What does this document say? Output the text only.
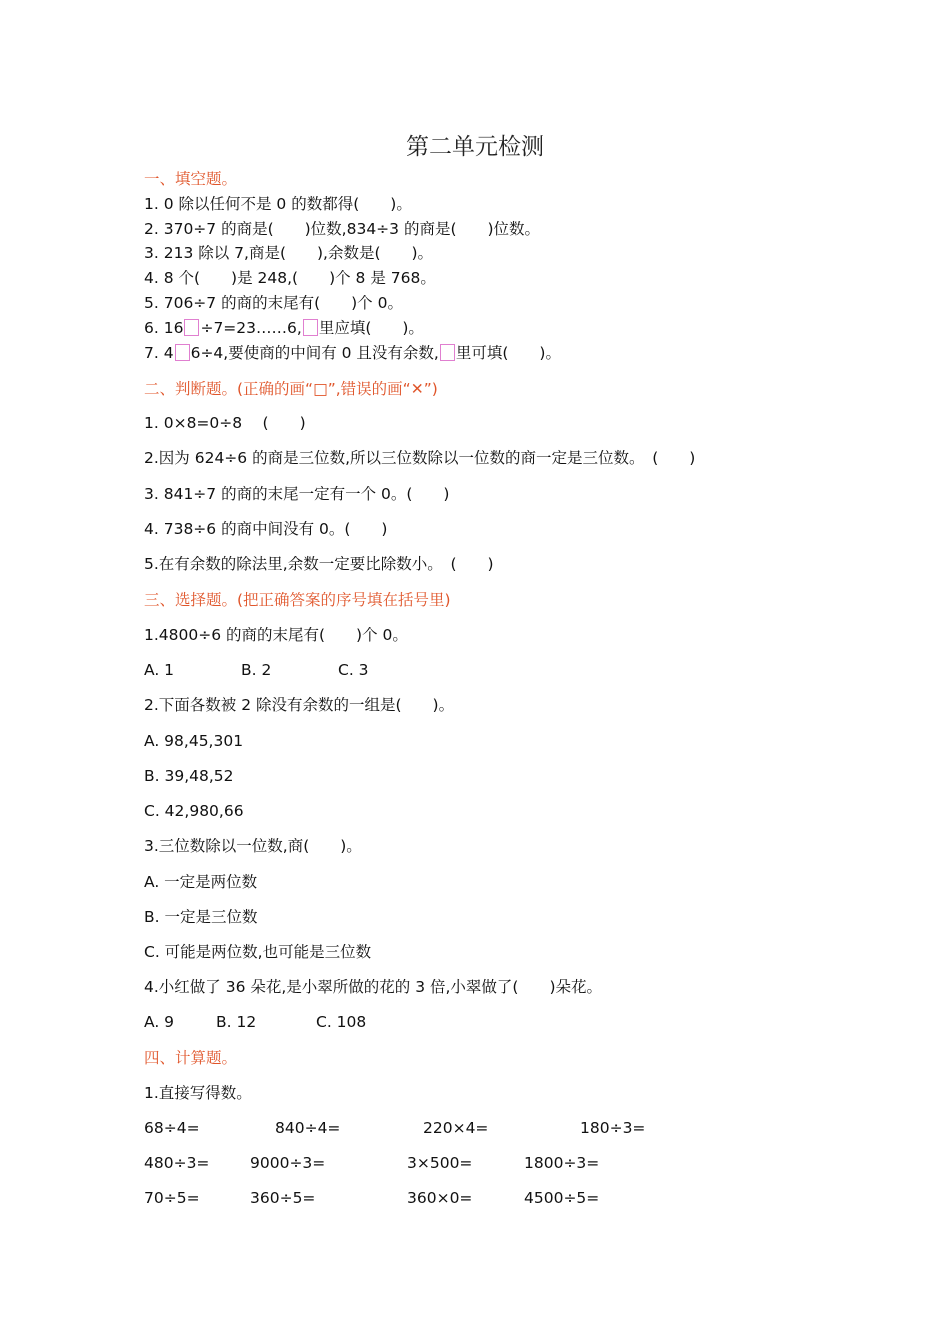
第二单元检测
一、填空题。
1. 0 除以任何不是 0 的数都得(　　)。
2. 370÷7 的商是(　　)位数,834÷3 的商是(　　)位数。
3. 213 除以 7,商是(　　),余数是(　　)。
4. 8 个(　　)是 248,(　　)个 8 是 768。
5. 706÷7 的商的末尾有(　　)个 0。
6. 16 ÷7=23……6, 里应填(　　)。
7. 4 6÷4,要使商的中间有 0 且没有余数, 里可填(　　)。
二、判断题。(正确的画“□”,错误的画“✕”)
1. 0×8=0÷8 　(　　)
2.因为 624÷6 的商是三位数,所以三位数除以一位数的商一定是三位数。　(　　)
3. 841÷7 的商的末尾一定有一个 0。(　　)
4. 738÷6 的商中间没有 0。(　　)
5.在有余数的除法里,余数一定要比除数小。　(　　)
三、选择题。(把正确答案的序号填在括号里)
1.4800÷6 的商的末尾有(　　)个 0。
A. 1	B. 2	C. 3
2.下面各数被 2 除没有余数的一组是(　　)。
A. 98,45,301
B. 39,48,52
C. 42,980,66
3.三位数除以一位数,商(　　)。
A. 一定是两位数
B. 一定是三位数
C. 可能是两位数,也可能是三位数
4.小红做了 36 朵花,是小翠所做的花的 3 倍,小翠做了(　　)朵花。
A. 9	B. 12	C. 108
四、计算题。
1.直接写得数。
68÷4=	840÷4=	220×4=	180÷3=
480÷3=	9000÷3=	3×500=	1800÷3=
70÷5=	360÷5=	360×0=	4500÷5=
